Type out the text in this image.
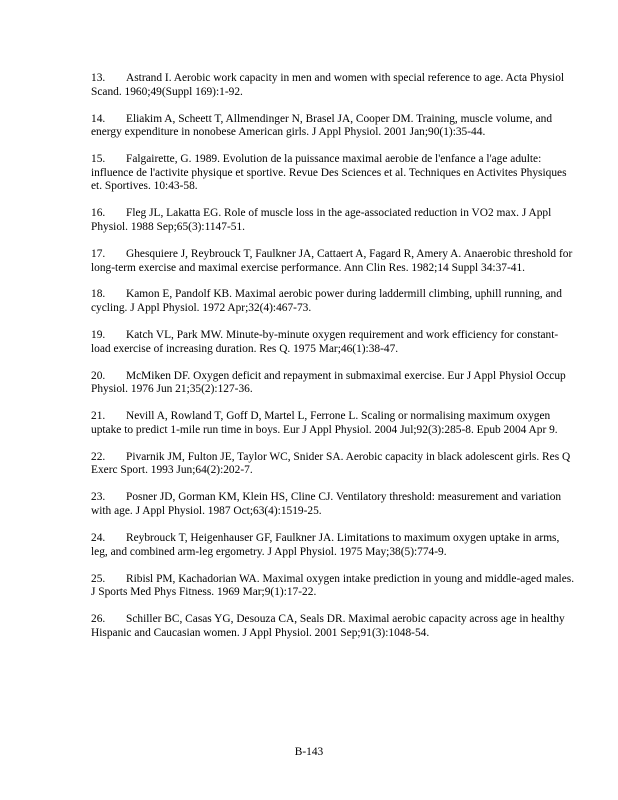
13. Astrand I. Aerobic work capacity in men and women with special reference to age. Acta Physiol Scand. 1960;49(Suppl 169):1-92.

14. Eliakim A, Scheett T, Allmendinger N, Brasel JA, Cooper DM. Training, muscle volume, and energy expenditure in nonobese American girls. J Appl Physiol. 2001 Jan;90(1):35-44.

15. Falgairette, G. 1989. Evolution de la puissance maximal aerobie de l'enfance a l'age adulte: influence de l'activite physique et sportive. Revue Des Sciences et al. Techniques en Activites Physiques et. Sportives. 10:43-58.

16. Fleg JL, Lakatta EG. Role of muscle loss in the age-associated reduction in VO2 max. J Appl Physiol. 1988 Sep;65(3):1147-51.

17. Ghesquiere J, Reybrouck T, Faulkner JA, Cattaert A, Fagard R, Amery A. Anaerobic threshold for long-term exercise and maximal exercise performance. Ann Clin Res. 1982;14 Suppl 34:37-41.

18. Kamon E, Pandolf KB. Maximal aerobic power during laddermill climbing, uphill running, and cycling. J Appl Physiol. 1972 Apr;32(4):467-73.

19. Katch VL, Park MW. Minute-by-minute oxygen requirement and work efficiency for constant-load exercise of increasing duration. Res Q. 1975 Mar;46(1):38-47.

20. McMiken DF. Oxygen deficit and repayment in submaximal exercise. Eur J Appl Physiol Occup Physiol. 1976 Jun 21;35(2):127-36.

21. Nevill A, Rowland T, Goff D, Martel L, Ferrone L. Scaling or normalising maximum oxygen uptake to predict 1-mile run time in boys. Eur J Appl Physiol. 2004 Jul;92(3):285-8. Epub 2004 Apr 9.

22. Pivarnik JM, Fulton JE, Taylor WC, Snider SA. Aerobic capacity in black adolescent girls. Res Q Exerc Sport. 1993 Jun;64(2):202-7.

23. Posner JD, Gorman KM, Klein HS, Cline CJ. Ventilatory threshold: measurement and variation with age. J Appl Physiol. 1987 Oct;63(4):1519-25.

24. Reybrouck T, Heigenhauser GF, Faulkner JA. Limitations to maximum oxygen uptake in arms, leg, and combined arm-leg ergometry. J Appl Physiol. 1975 May;38(5):774-9.

25. Ribisl PM, Kachadorian WA. Maximal oxygen intake prediction in young and middle-aged males. J Sports Med Phys Fitness. 1969 Mar;9(1):17-22.

26. Schiller BC, Casas YG, Desouza CA, Seals DR. Maximal aerobic capacity across age in healthy Hispanic and Caucasian women. J Appl Physiol. 2001 Sep;91(3):1048-54.

B-143
